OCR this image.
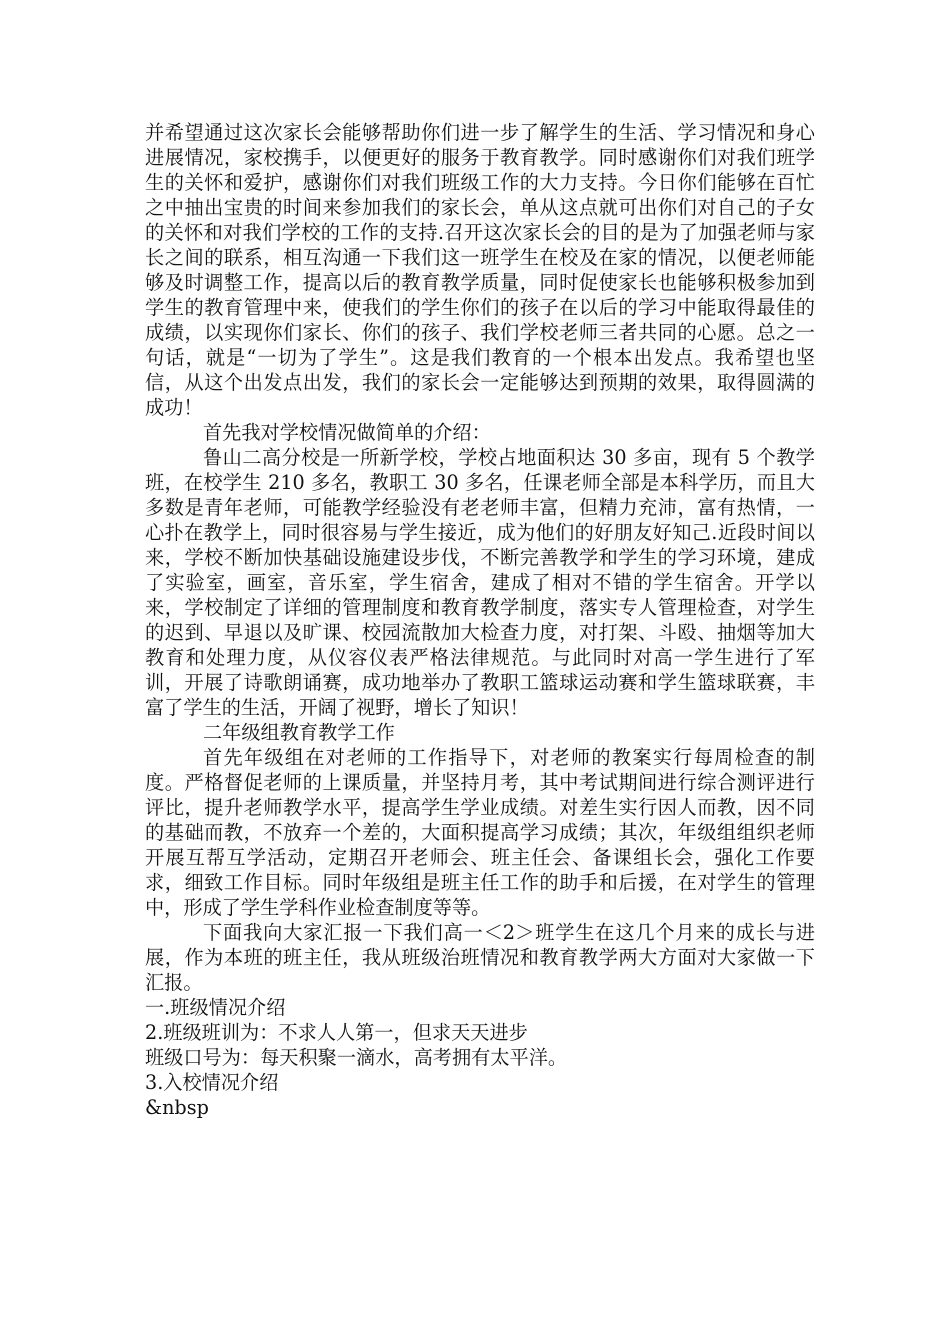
并希望通过这次家长会能够帮助你们进一步了解学生的生活、学习情况和身心进展情况，家校携手，以便更好的服务于教育教学。同时感谢你们对我们班学生的关怀和爱护，感谢你们对我们班级工作的大力支持。今日你们能够在百忙之中抽出宝贵的时间来参加我们的家长会，单从这点就可出你们对自己的子女的关怀和对我们学校的工作的支持.召开这次家长会的目的是为了加强老师与家长之间的联系，相互沟通一下我们这一班学生在校及在家的情况，以便老师能够及时调整工作，提高以后的教育教学质量，同时促使家长也能够积极参加到学生的教育管理中来，使我们的学生你们的孩子在以后的学习中能取得最佳的成绩，以实现你们家长、你们的孩子、我们学校老师三者共同的心愿。总之一句话，就是“一切为了学生”。这是我们教育的一个根本出发点。我希望也坚信，从这个出发点出发，我们的家长会一定能够达到预期的效果，取得圆满的成功！

首先我对学校情况做简单的介绍：

鲁山二高分校是一所新学校，学校占地面积达 30 多亩，现有 5 个教学班，在校学生 210 多名，教职工 30 多名，任课老师全部是本科学历，而且大多数是青年老师，可能教学经验没有老老师丰富，但精力充沛，富有热情，一心扑在教学上，同时很容易与学生接近，成为他们的好朋友好知己.近段时间以来，学校不断加快基础设施建设步伐，不断完善教学和学生的学习环境，建成了实验室，画室，音乐室，学生宿舍，建成了相对不错的学生宿舍。开学以来，学校制定了详细的管理制度和教育教学制度，落实专人管理检查，对学生的迟到、早退以及旷课、校园流散加大检查力度，对打架、斗殴、抽烟等加大教育和处理力度，从仪容仪表严格法律规范。与此同时对高一学生进行了军训，开展了诗歌朗诵赛，成功地举办了教职工篮球运动赛和学生篮球联赛，丰富了学生的生活，开阔了视野，增长了知识！

二年级组教育教学工作

首先年级组在对老师的工作指导下，对老师的教案实行每周检查的制度。严格督促老师的上课质量，并坚持月考，其中考试期间进行综合测评进行评比，提升老师教学水平，提高学生学业成绩。对差生实行因人而教，因不同的基础而教，不放弃一个差的，大面积提高学习成绩；其次，年级组组织老师开展互帮互学活动，定期召开老师会、班主任会、备课组长会，强化工作要求，细致工作目标。同时年级组是班主任工作的助手和后援，在对学生的管理中，形成了学生学科作业检查制度等等。

下面我向大家汇报一下我们高一＜2＞班学生在这几个月来的成长与进展，作为本班的班主任，我从班级治班情况和教育教学两大方面对大家做一下汇报。

一.班级情况介绍

2.班级班训为：不求人人第一，但求天天进步

班级口号为：每天积聚一滴水，高考拥有太平洋。

3.入校情况介绍

&nbsp
